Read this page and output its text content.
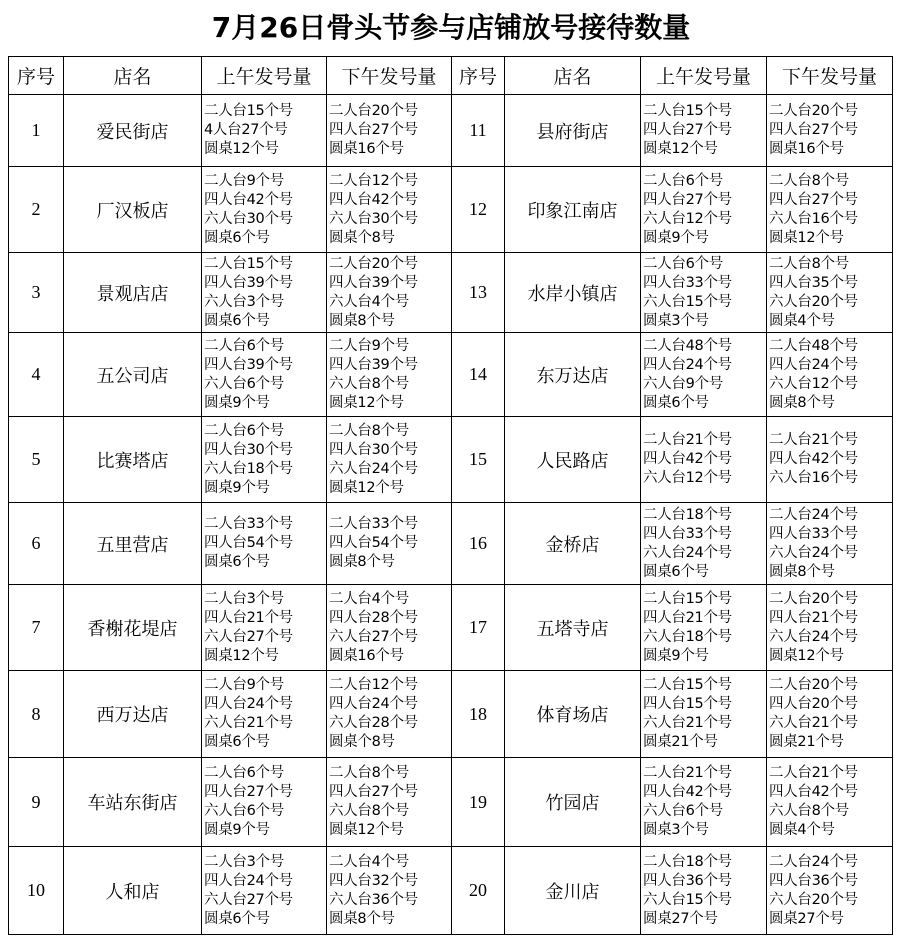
7月26日骨头节参与店铺放号接待数量
序号	店名	上午发号量	下午发号量	序号	店名	上午发号量	下午发号量
1	爱民街店	二人台15个号
4人台27个号
圆桌12个号	二人台20个号
四人台27个号
圆桌16个号	11	县府街店	二人台15个号
四人台27个号
圆桌12个号	二人台20个号
四人台27个号
圆桌16个号
2	厂汉板店	二人台9个号
四人台42个号
六人台30个号
圆桌6个号	二人台12个号
四人台42个号
六人台30个号
圆桌个8号	12	印象江南店	二人台6个号
四人台27个号
六人台12个号
圆桌9个号	二人台8个号
四人台27个号
六人台16个号
圆桌12个号
3	景观店店	二人台15个号
四人台39个号
六人台3个号
圆桌6个号	二人台20个号
四人台39个号
六人台4个号
圆桌8个号	13	水岸小镇店	二人台6个号
四人台33个号
六人台15个号
圆桌3个号	二人台8个号
四人台35个号
六人台20个号
圆桌4个号
4	五公司店	二人台6个号
四人台39个号
六人台6个号
圆桌9个号	二人台9个号
四人台39个号
六人台8个号
圆桌12个号	14	东万达店	二人台48个号
四人台24个号
六人台9个号
圆桌6个号	二人台48个号
四人台24个号
六人台12个号
圆桌8个号
5	比赛塔店	二人台6个号
四人台30个号
六人台18个号
圆桌9个号	二人台8个号
四人台30个号
六人台24个号
圆桌12个号	15	人民路店	二人台21个号
四人台42个号
六人台12个号	二人台21个号
四人台42个号
六人台16个号
6	五里营店	二人台33个号
四人台54个号
圆桌6个号	二人台33个号
四人台54个号
圆桌8个号	16	金桥店	二人台18个号
四人台33个号
六人台24个号
圆桌6个号	二人台24个号
四人台33个号
六人台24个号
圆桌8个号
7	香榭花堤店	二人台3个号
四人台21个号
六人台27个号
圆桌12个号	二人台4个号
四人台28个号
六人台27个号
圆桌16个号	17	五塔寺店	二人台15个号
四人台21个号
六人台18个号
圆桌9个号	二人台20个号
四人台21个号
六人台24个号
圆桌12个号
8	西万达店	二人台9个号
四人台24个号
六人台21个号
圆桌6个号	二人台12个号
四人台24个号
六人台28个号
圆桌个8号	18	体育场店	二人台15个号
四人台15个号
六人台21个号
圆桌21个号	二人台20个号
四人台20个号
六人台21个号
圆桌21个号
9	车站东街店	二人台6个号
四人台27个号
六人台6个号
圆桌9个号	二人台8个号
四人台27个号
六人台8个号
圆桌12个号	19	竹园店	二人台21个号
四人台42个号
六人台6个号
圆桌3个号	二人台21个号
四人台42个号
六人台8个号
圆桌4个号
10	人和店	二人台3个号
四人台24个号
六人台27个号
圆桌6个号	二人台4个号
四人台32个号
六人台36个号
圆桌8个号	20	金川店	二人台18个号
四人台36个号
六人台15个号
圆桌27个号	二人台24个号
四人台36个号
六人台20个号
圆桌27个号
